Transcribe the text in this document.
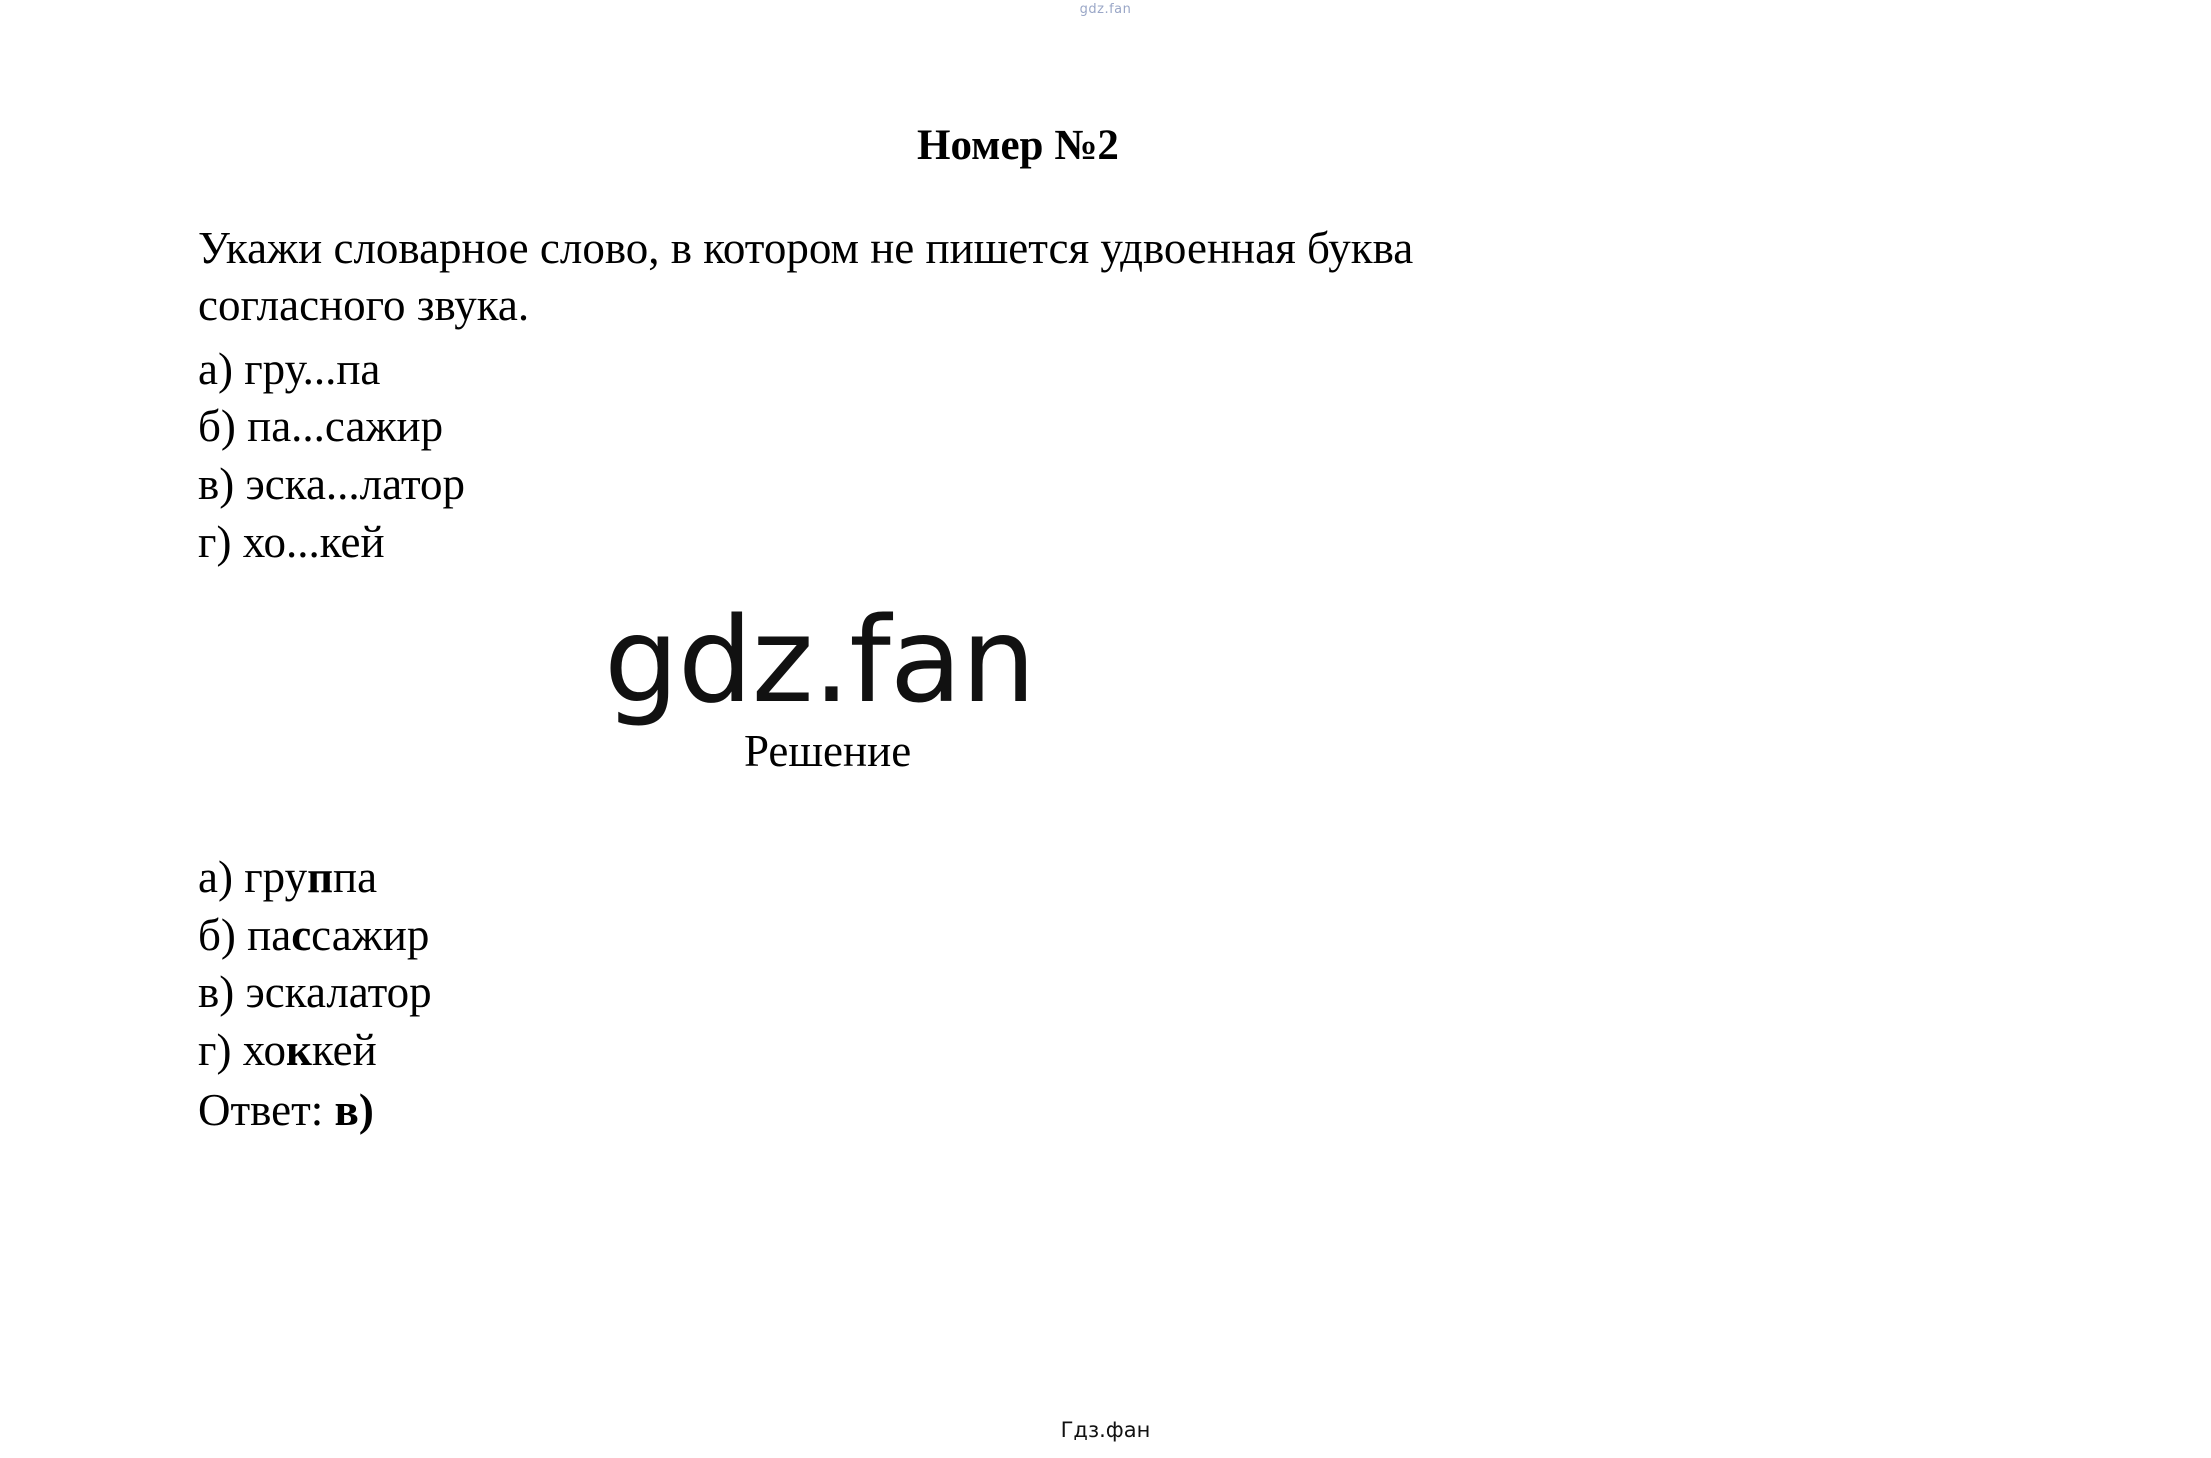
gdz.fan
Номер №2
Укажи словарное слово, в котором не пишется удвоенная буква
согласного звука.
а) гру...па
б) па...сажир
в) эска...латор
г) хо...кей
gdz.fan
Решение
а) группа
б) пассажир
в) эскалатор
г) хоккей
Ответ: в)
Гдз.фан
